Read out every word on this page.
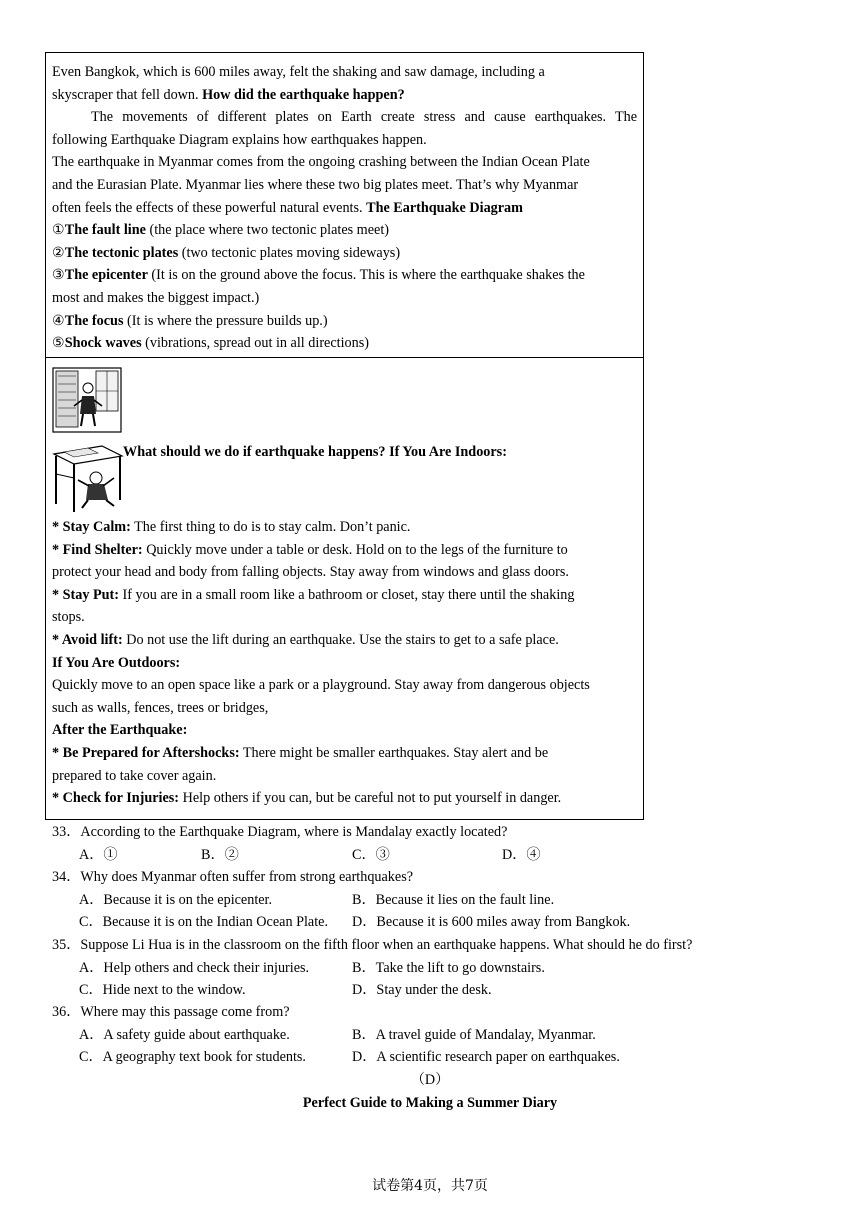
Even Bangkok, which is 600 miles away, felt the shaking and saw damage, including a
skyscraper that fell down. How did the earthquake happen?
The movements of different plates on Earth create stress and cause earthquakes. The
following Earthquake Diagram explains how earthquakes happen.
The earthquake in Myanmar comes from the ongoing crashing between the Indian Ocean Plate
and the Eurasian Plate. Myanmar lies where these two big plates meet. That’s why Myanmar
often feels the effects of these powerful natural events. The Earthquake Diagram
①The fault line (the place where two tectonic plates meet)
②The tectonic plates (two tectonic plates moving sideways)
③The epicenter (It is on the ground above the focus. This is where the earthquake shakes the
most and makes the biggest impact.)
④The focus (It is where the pressure builds up.)
⑤Shock waves (vibrations, spread out in all directions)
What should we do if earthquake happens? If You Are Indoors:
* Stay Calm: The first thing to do is to stay calm. Don’t panic.
* Find Shelter: Quickly move under a table or desk. Hold on to the legs of the furniture to
protect your head and body from falling objects. Stay away from windows and glass doors.
* Stay Put: If you are in a small room like a bathroom or closet, stay there until the shaking
stops.
* Avoid lift: Do not use the lift during an earthquake. Use the stairs to get to a safe place.
If You Are Outdoors:
Quickly move to an open space like a park or a playground. Stay away from dangerous objects
such as walls, fences, trees or bridges,
After the Earthquake:
* Be Prepared for Aftershocks: There might be smaller earthquakes. Stay alert and be
prepared to take cover again.
* Check for Injuries: Help others if you can, but be careful not to put yourself in danger.
33．According to the Earthquake Diagram, where is Mandalay exactly located?
A．①	B．②	C．③	D．④
34．Why does Myanmar often suffer from strong earthquakes?
A．Because it is on the epicenter.	B．Because it lies on the fault line.
C．Because it is on the Indian Ocean Plate. D．Because it is 600 miles away from Bangkok.
35．Suppose Li Hua is in the classroom on the fifth floor when an earthquake happens. What should he do first?
A．Help others and check their injuries.	B．Take the lift to go downstairs.
C．Hide next to the window.	D．Stay under the desk.
36．Where may this passage come from?
A．A safety guide about earthquake.	B．A travel guide of Mandalay, Myanmar.
C．A geography text book for students.	D．A scientific research paper on earthquakes.
（D）
Perfect Guide to Making a Summer Diary
试卷第4页，共7页
